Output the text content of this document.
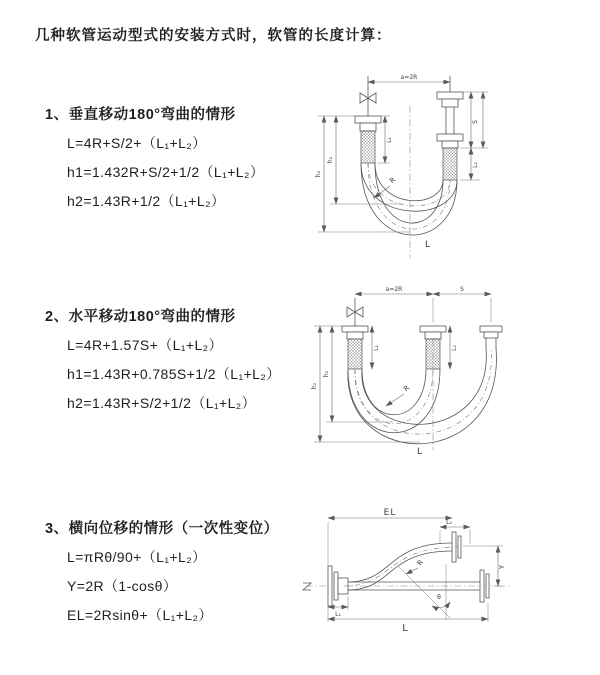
几种软管运动型式的安装方式时，软管的长度计算：
1、垂直移动180°弯曲的情形
L=4R+S/2+（L₁+L₂）
h1=1.432R+S/2+1/2（L₁+L₂）
h2=1.43R+1/2（L₁+L₂）
2、水平移动180°弯曲的情形
L=4R+1.57S+（L₁+L₂）
h1=1.43R+0.785S+1/2（L₁+L₂）
h2=1.43R+S/2+1/2（L₁+L₂）
3、横向位移的情形（一次性变位）
L=πRθ/90+（L₁+L₂）
Y=2R（1-cosθ）
EL=2Rsinθ+（L₁+L₂）
a=2R
S
L₂
L₁
h₁
h₂
R
L
a=2R	S
L₁	L₂
h₁
h₂	R
L
EL
L₂
R
θ
Y
L₁
L
